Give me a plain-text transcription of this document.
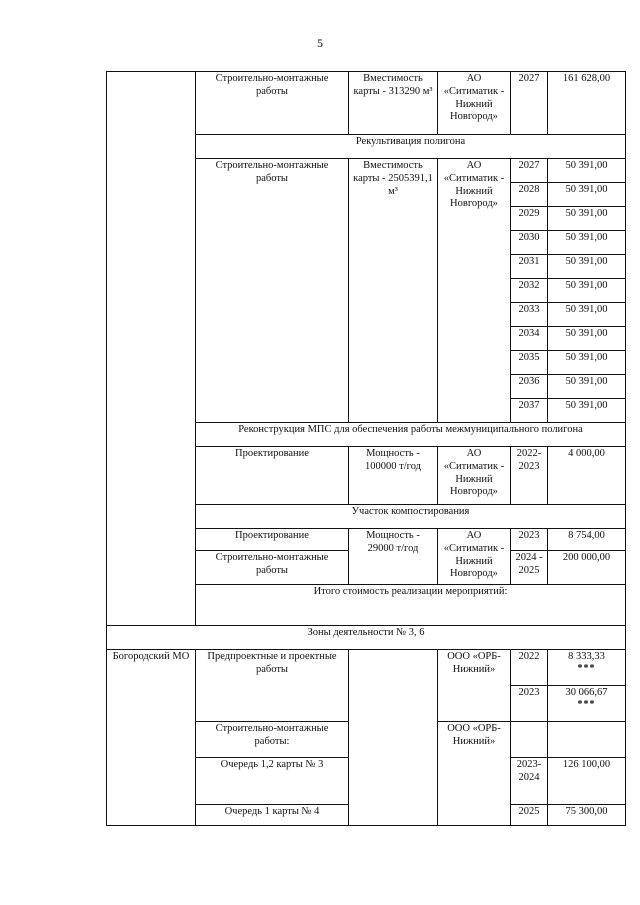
5
	Строительно-монтажные работы	Вместимость карты - 313290 м³	АО «Ситиматик - Нижний Новгород»	2027	161 628,00	
	Рекультивация полигона					
	Строительно-монтажные работы	Вместимость карты - 2505391,1 м³	АО «Ситиматик - Нижний Новгород»	2027	50 391,00	
				2028	50 391,00	
				2029	50 391,00	
				2030	50 391,00	
				2031	50 391,00	
				2032	50 391,00	
				2033	50 391,00	
				2034	50 391,00	
				2035	50 391,00	
				2036	50 391,00	
				2037	50 391,00	
	Реконструкция МПС для обеспечения работы межмуниципального полигона					
	Проектирование	Мощность - 100000 т/год	АО «Ситиматик - Нижний Новгород»	2022-2023	4 000,00	
	Участок компостирования					
	Проектирование	Мощность - 29000 т/год	АО «Ситиматик - Нижний Новгород»	2023	8 754,00	
	Строительно-монтажные работы			2024 - 2025	200 000,00	
	Итого стоимость реализации мероприятий:	
Зоны деятельности № 3, 6						
Богородский МО	Предпроектные и проектные работы		ООО «ОРБ-Нижний»	2022	8 333,33
***	

				2023	30 066,67
***	

	Строительно-монтажные работы:		ООО «ОРБ-Нижний»			
	Очередь 1,2 карты № 3			2023-2024	126 100,00	
	Очередь 1 карты № 4			2025	75 300,00	
